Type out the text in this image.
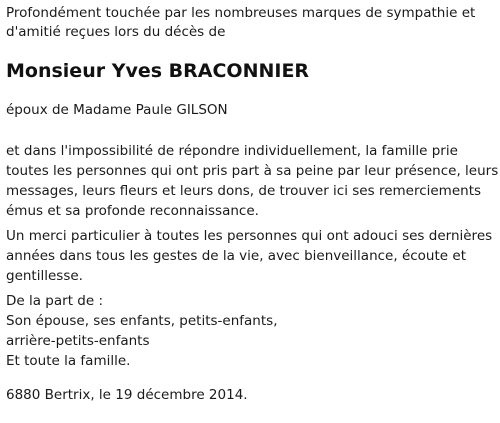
Profondément touchée par les nombreuses marques de sympathie et
d'amitié reçues lors du décès de

Monsieur Yves BRACONNIER

époux de Madame Paule GILSON

et dans l'impossibilité de répondre individuellement, la famille prie
toutes les personnes qui ont pris part à sa peine par leur présence, leurs
messages, leurs fleurs et leurs dons, de trouver ici ses remerciements
émus et sa profonde reconnaissance.

Un merci particulier à toutes les personnes qui ont adouci ses dernières
années dans tous les gestes de la vie, avec bienveillance, écoute et
gentillesse.

De la part de :
Son épouse, ses enfants, petits-enfants,
arrière-petits-enfants
Et toute la famille.

6880 Bertrix, le 19 décembre 2014.
